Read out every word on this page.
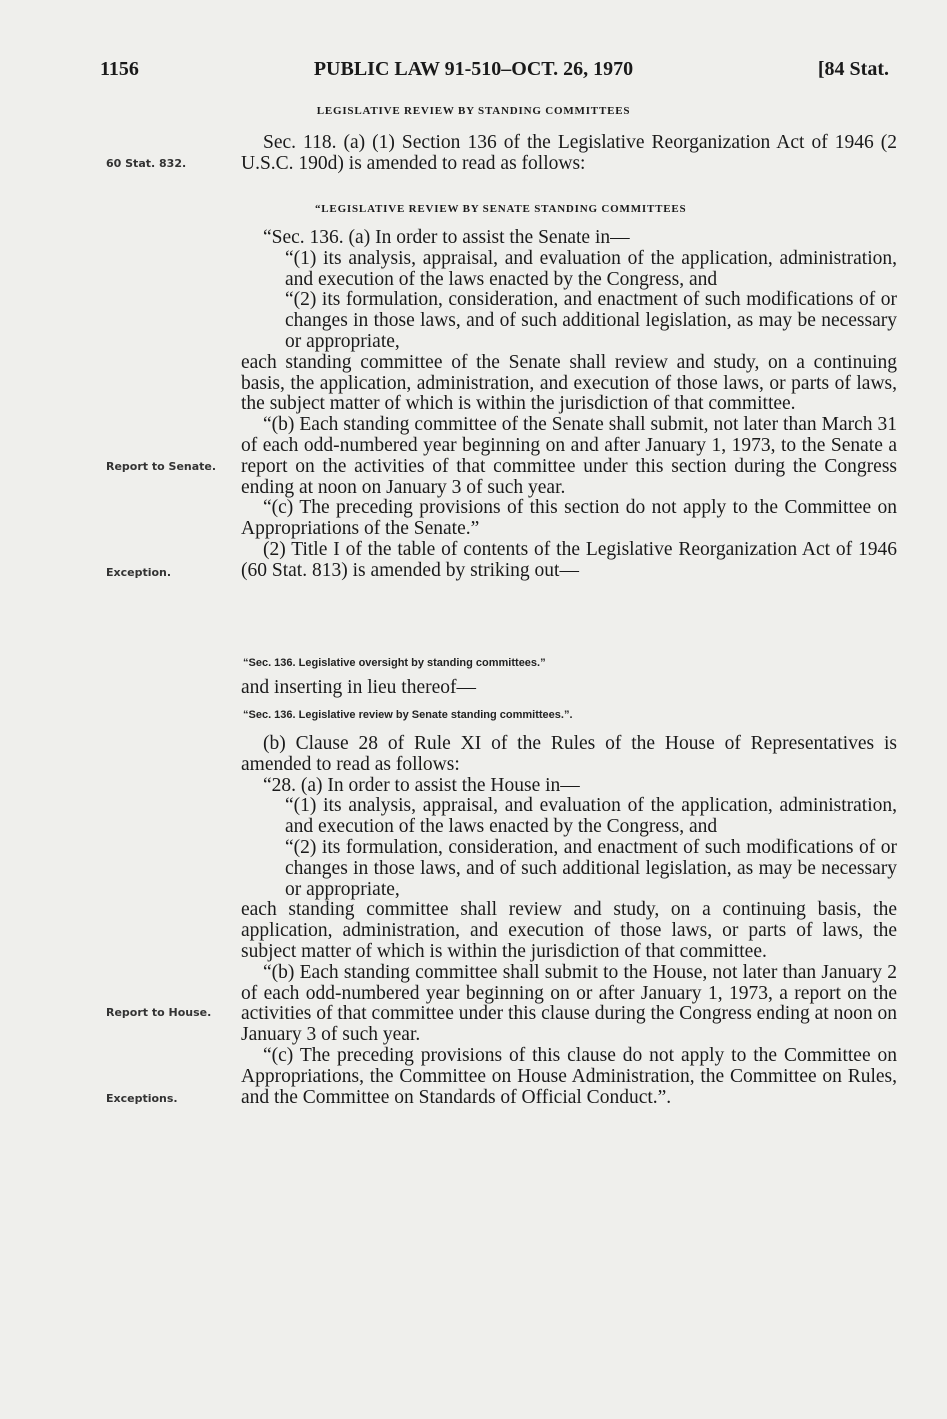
1156	PUBLIC LAW 91-510–OCT. 26, 1970	[84 Stat.
LEGISLATIVE REVIEW BY STANDING COMMITTEES
60 Stat. 832.

Sec. 118. (a) (1) Section 136 of the Legislative Reorganization Act of 1946 (2 U.S.C. 190d) is amended to read as follows:

“LEGISLATIVE REVIEW BY SENATE STANDING COMMITTEES

“Sec. 136. (a) In order to assist the Senate in—

“(1) its analysis, appraisal, and evaluation of the application, administration, and execution of the laws enacted by the Congress, and

“(2) its formulation, consideration, and enactment of such modifications of or changes in those laws, and of such additional legislation, as may be necessary or appropriate,

each standing committee of the Senate shall review and study, on a continuing basis, the application, administration, and execution of those laws, or parts of laws, the subject matter of which is within the jurisdiction of that committee.

“(b) Each standing committee of the Senate shall submit, not later than March 31 of each odd-numbered year beginning on and after January 1, 1973, to the Senate a report on the activities of that committee under this section during the Congress ending at noon on January 3 of such year.

“(c) The preceding provisions of this section do not apply to the Committee on Appropriations of the Senate.”

(2) Title I of the table of contents of the Legislative Reorganization Act of 1946 (60 Stat. 813) is amended by striking out—

Report to Senate.
Exception.
“Sec. 136. Legislative oversight by standing committees.”

and inserting in lieu thereof—

“Sec. 136. Legislative review by Senate standing committees.”.

(b) Clause 28 of Rule XI of the Rules of the House of Representatives is amended to read as follows:

“28. (a) In order to assist the House in—

“(1) its analysis, appraisal, and evaluation of the application, administration, and execution of the laws enacted by the Congress, and

“(2) its formulation, consideration, and enactment of such modifications of or changes in those laws, and of such additional legislation, as may be necessary or appropriate,

each standing committee shall review and study, on a continuing basis, the application, administration, and execution of those laws, or parts of laws, the subject matter of which is within the jurisdiction of that committee.

“(b) Each standing committee shall submit to the House, not later than January 2 of each odd-numbered year beginning on or after January 1, 1973, a report on the activities of that committee under this clause during the Congress ending at noon on January 3 of such year.

“(c) The preceding provisions of this clause do not apply to the Committee on Appropriations, the Committee on House Administration, the Committee on Rules, and the Committee on Standards of Official Conduct.”.

Report to House.
Exceptions.
